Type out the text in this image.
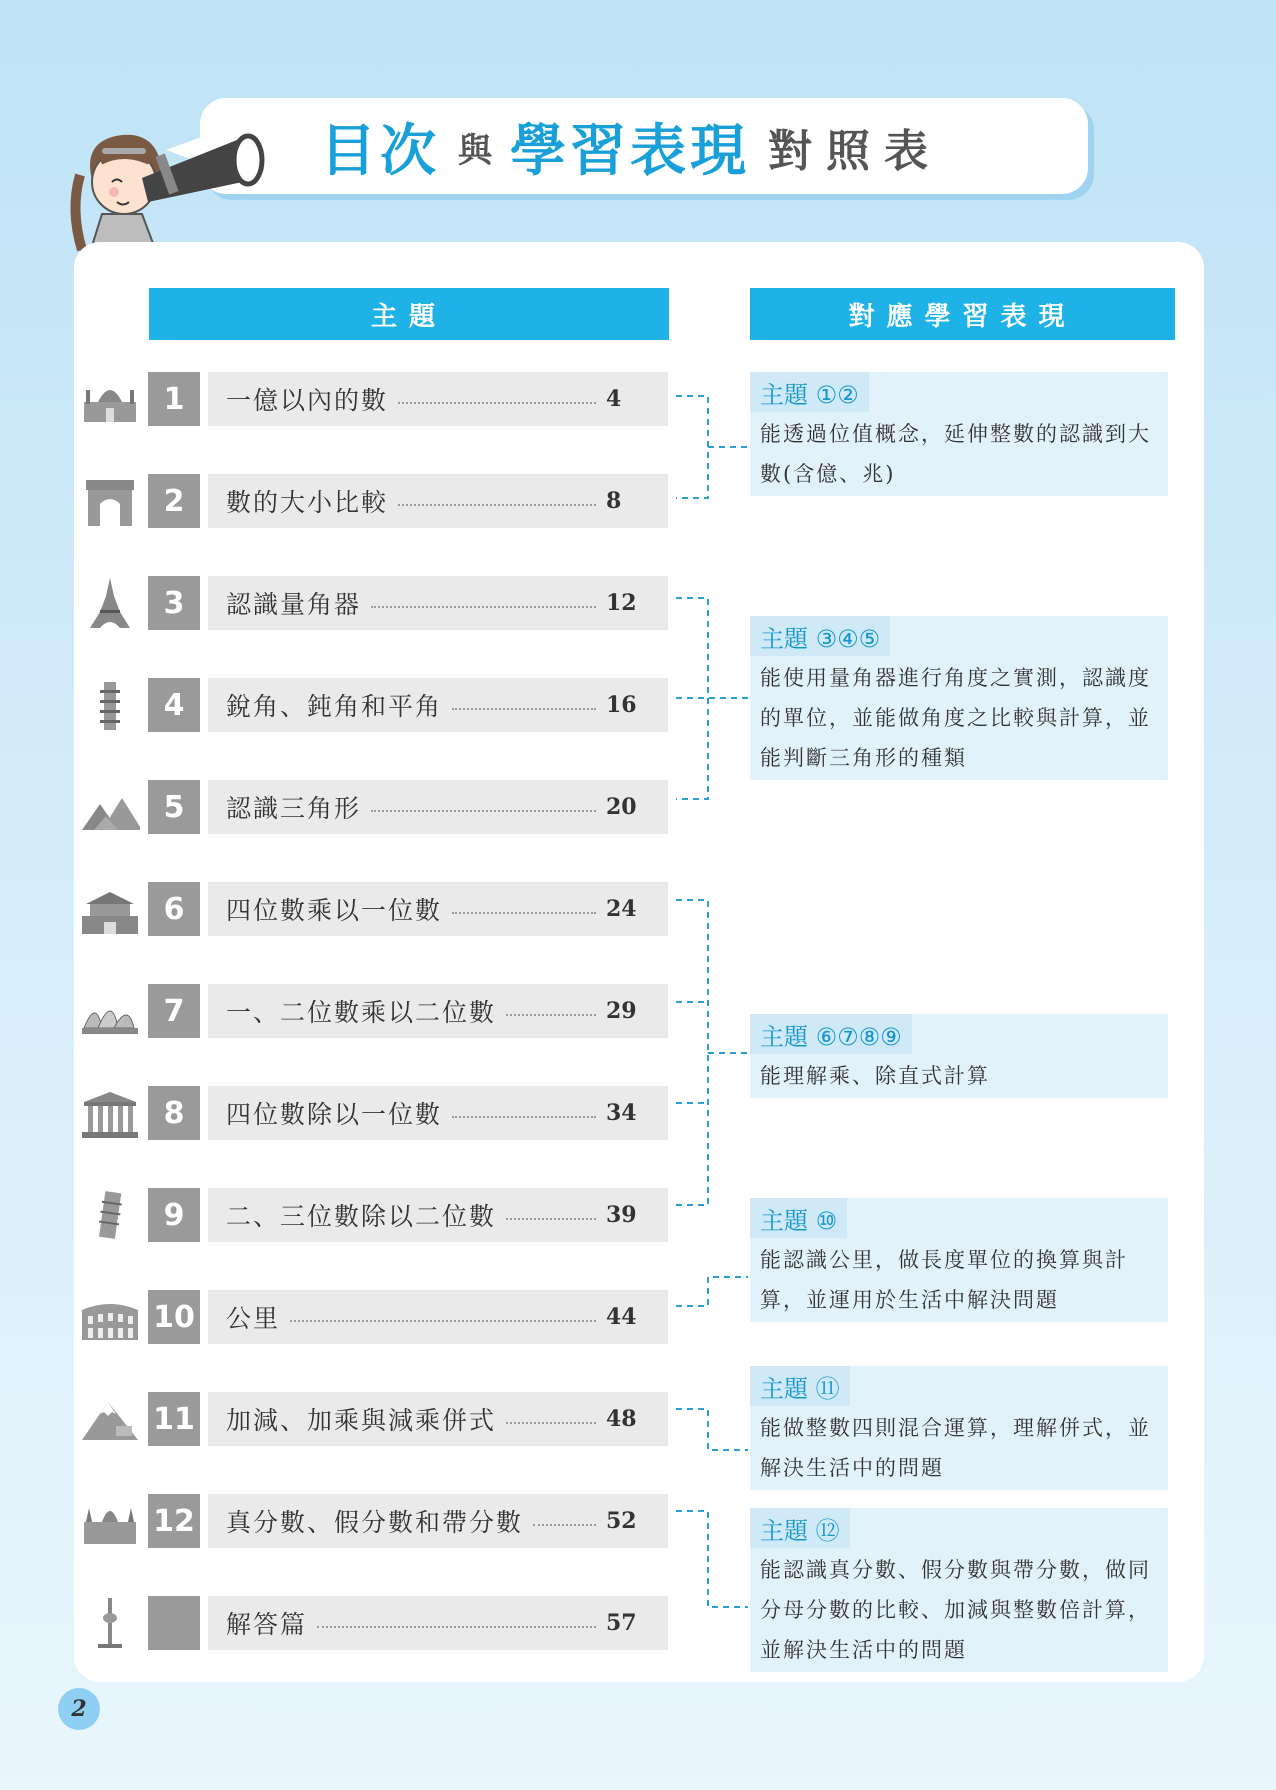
目次 與 學習表現 對照表
主題	對應學習表現
1	一億以內的數	4
2	數的大小比較	8
3	認識量角器	12
4	銳角、鈍角和平角	16
5	認識三角形	20
6	四位數乘以一位數	24
7	一、二位數乘以二位數	29
8	四位數除以一位數	34
9	二、三位數除以二位數	39
10	公里	44
11	加減、加乘與減乘併式	48
12	真分數、假分數和帶分數	52
解答篇	57
主題 ①②
能透過位值概念，延伸整數的認識到大數(含億、兆)
主題 ③④⑤
能使用量角器進行角度之實測，認識度的單位，並能做角度之比較與計算，並能判斷三角形的種類
主題 ⑥⑦⑧⑨
能理解乘、除直式計算
主題 ⑩
能認識公里，做長度單位的換算與計算，並運用於生活中解決問題
主題 ⑪
能做整數四則混合運算，理解併式，並解決生活中的問題
主題 ⑫
能認識真分數、假分數與帶分數，做同分母分數的比較、加減與整數倍計算，並解決生活中的問題
2
